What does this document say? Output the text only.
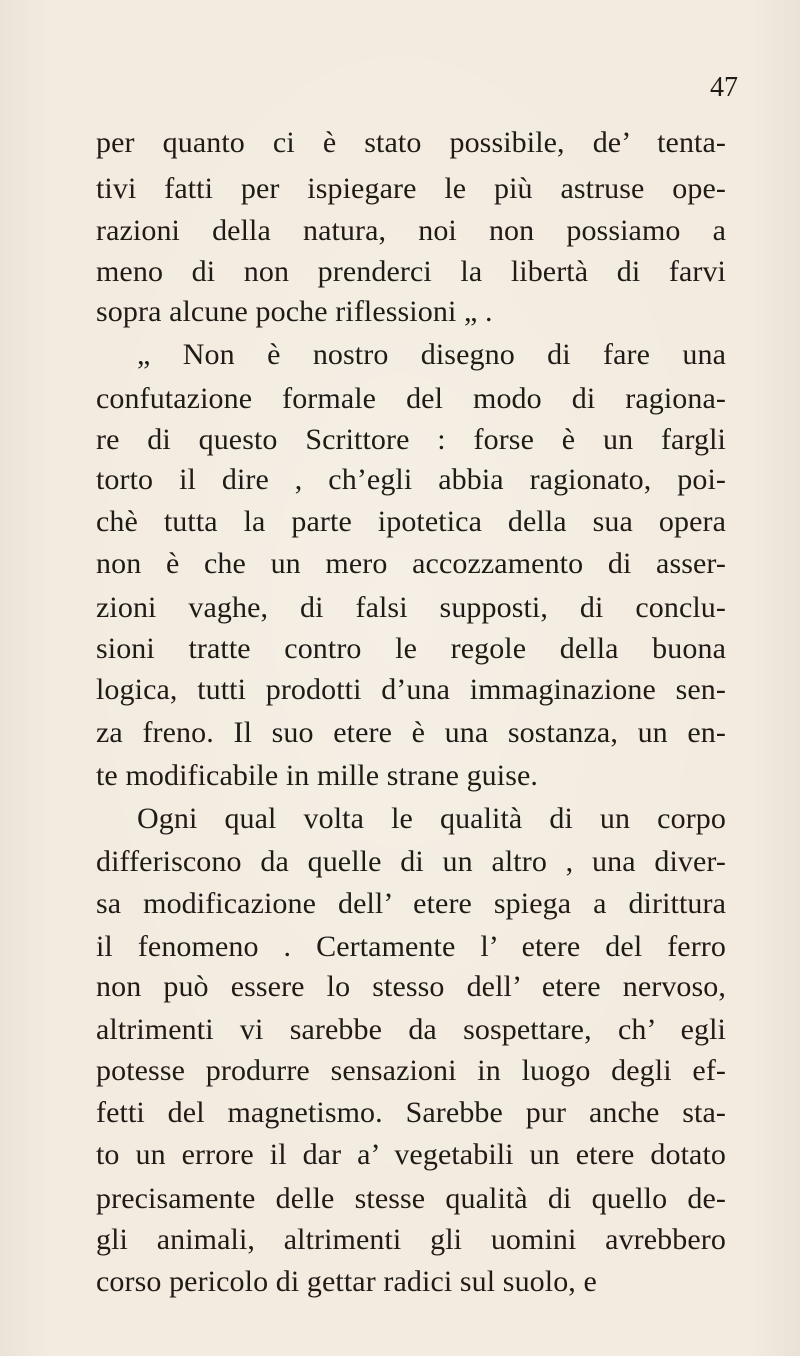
47
per quanto ci è stato possibile, de’ tenta-
tivi fatti per ispiegare le più astruse ope-
razioni della natura, noi non possiamo a
meno di non prenderci la libertà di farvi
sopra alcune poche riflessioni „ .
„ Non è nostro disegno di fare una
confutazione formale del modo di ragiona-
re di questo Scrittore : forse è un fargli
torto il dire , ch’egli abbia ragionato, poi-
chè tutta la parte ipotetica della sua opera
non è che un mero accozzamento di asser-
zioni vaghe, di falsi supposti, di conclu-
sioni tratte contro le regole della buona
logica, tutti prodotti d’una immaginazione sen-
za freno. Il suo etere è una sostanza, un en-
te modificabile in mille strane guise.
Ogni qual volta le qualità di un corpo
differiscono da quelle di un altro , una diver-
sa modificazione dell’ etere spiega a dirittura
il fenomeno . Certamente l’ etere del ferro
non può essere lo stesso dell’ etere nervoso,
altrimenti vi sarebbe da sospettare, ch’ egli
potesse produrre sensazioni in luogo degli ef-
fetti del magnetismo. Sarebbe pur anche sta-
to un errore il dar a’ vegetabili un etere dotato
precisamente delle stesse qualità di quello de-
gli animali, altrimenti gli uomini avrebbero
corso pericolo di gettar radici sul suolo, e
